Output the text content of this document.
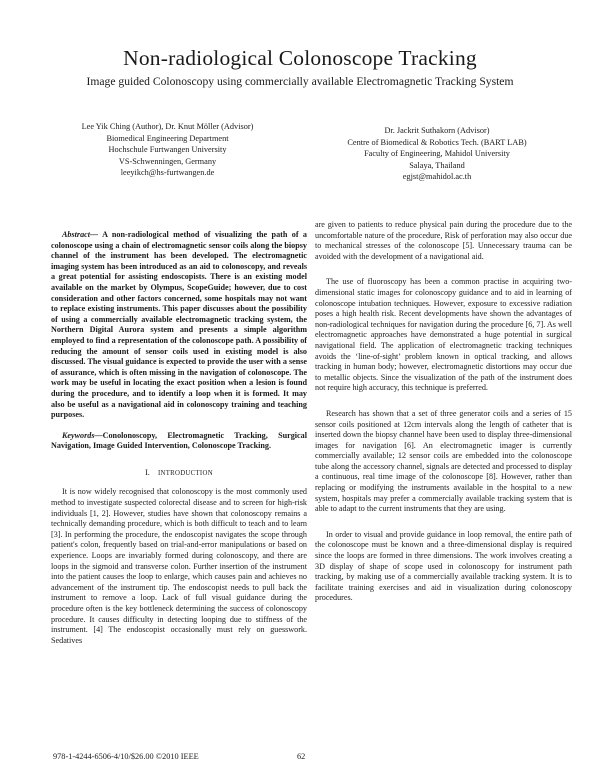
Non-radiological Colonoscope Tracking
Image guided Colonoscopy using commercially available Electromagnetic Tracking System
Lee Yik Ching (Author), Dr. Knut Möller (Advisor)
Biomedical Engineering Department
Hochschule Furtwangen University
VS-Schwenningen, Germany
leeyikch@hs-furtwangen.de
Dr. Jackrit Suthakorn (Advisor)
Centre of Biomedical & Robotics Tech. (BART LAB)
Faculty of Engineering, Mahidol University
Salaya, Thailand
egjst@mahidol.ac.th

Abstract— A non-radiological method of visualizing the path of a colonoscope using a chain of electromagnetic sensor coils along the biopsy channel of the instrument has been developed. The electromagnetic imaging system has been introduced as an aid to colonoscopy, and reveals a great potential for assisting endoscopists. There is an existing model available on the market by Olympus, ScopeGuide; however, due to cost consideration and other factors concerned, some hospitals may not want to replace existing instruments. This paper discusses about the possibility of using a commercially available electromagnetic tracking system, the Northern Digital Aurora system and presents a simple algorithm employed to find a representation of the colonoscope path. A possibility of reducing the amount of sensor coils used in existing model is also discussed. The visual guidance is expected to provide the user with a sense of assurance, which is often missing in the navigation of colonoscope. The work may be useful in locating the exact position when a lesion is found during the procedure, and to identify a loop when it is formed. It may also be useful as a navigational aid in colonoscopy training and teaching purposes.

Keywords—Conolonoscopy, Electromagnetic Tracking, Surgical Navigation, Image Guided Intervention, Colonoscope Tracking.

I. INTRODUCTION

It is now widely recognised that colonoscopy is the most commonly used method to investigate suspected colorectal disease and to screen for high-risk individuals [1, 2]. However, studies have shown that colonoscopy remains a technically demanding procedure, which is both difficult to teach and to learn [3]. In performing the procedure, the endoscopist navigates the scope through patient's colon, frequently based on trial-and-error manipulations or based on experience. Loops are invariably formed during colonoscopy, and there are loops in the sigmoid and transverse colon. Further insertion of the instrument into the patient causes the loop to enlarge, which causes pain and achieves no advancement of the instrument tip. The endoscopist needs to pull back the instrument to remove a loop. Lack of full visual guidance during the procedure often is the key bottleneck determining the success of colonoscopy procedure. It causes difficulty in detecting looping due to stiffness of the instrument. [4] The endoscopist occasionally must rely on guesswork. Sedatives

are given to patients to reduce physical pain during the procedure due to the uncomfortable nature of the procedure, Risk of perforation may also occur due to mechanical stresses of the colonoscope [5]. Unnecessary trauma can be avoided with the development of a navigational aid.

The use of fluoroscopy has been a common practise in acquiring two-dimensional static images for colonoscopy guidance and to aid in learning of colonoscope intubation techniques. However, exposure to excessive radiation poses a high health risk. Recent developments have shown the advantages of non-radiological techniques for navigation during the procedure [6, 7]. As well electromagnetic approaches have demonstrated a huge potential in surgical navigational field. The application of electromagnetic tracking techniques avoids the ‘line-of-sight’ problem known in optical tracking, and allows tracking in human body; however, electromagnetic distortions may occur due to metallic objects. Since the visualization of the path of the instrument does not require high accuracy, this technique is preferred.

Research has shown that a set of three generator coils and a series of 15 sensor coils positioned at 12cm intervals along the length of catheter that is inserted down the biopsy channel have been used to display three-dimensional images for navigation [6]. An electromagnetic imager is currently commercially available; 12 sensor coils are embedded into the colonoscope tube along the accessory channel, signals are detected and processed to display a continuous, real time image of the colonoscope [8]. However, rather than replacing or modifying the instruments available in the hospital to a new system, hospitals may prefer a commercially available tracking system that is able to adapt to the current instruments that they are using.

In order to visual and provide guidance in loop removal, the entire path of the colonoscope must be known and a three-dimensional display is required since the loops are formed in three dimensions. The work involves creating a 3D display of shape of scope used in colonoscopy for instrument path tracking, by making use of a commercially available tracking system. It is to facilitate training exercises and aid in visualization during colonoscopy procedures.

978-1-4244-6506-4/10/$26.00 ©2010 IEEE	62
